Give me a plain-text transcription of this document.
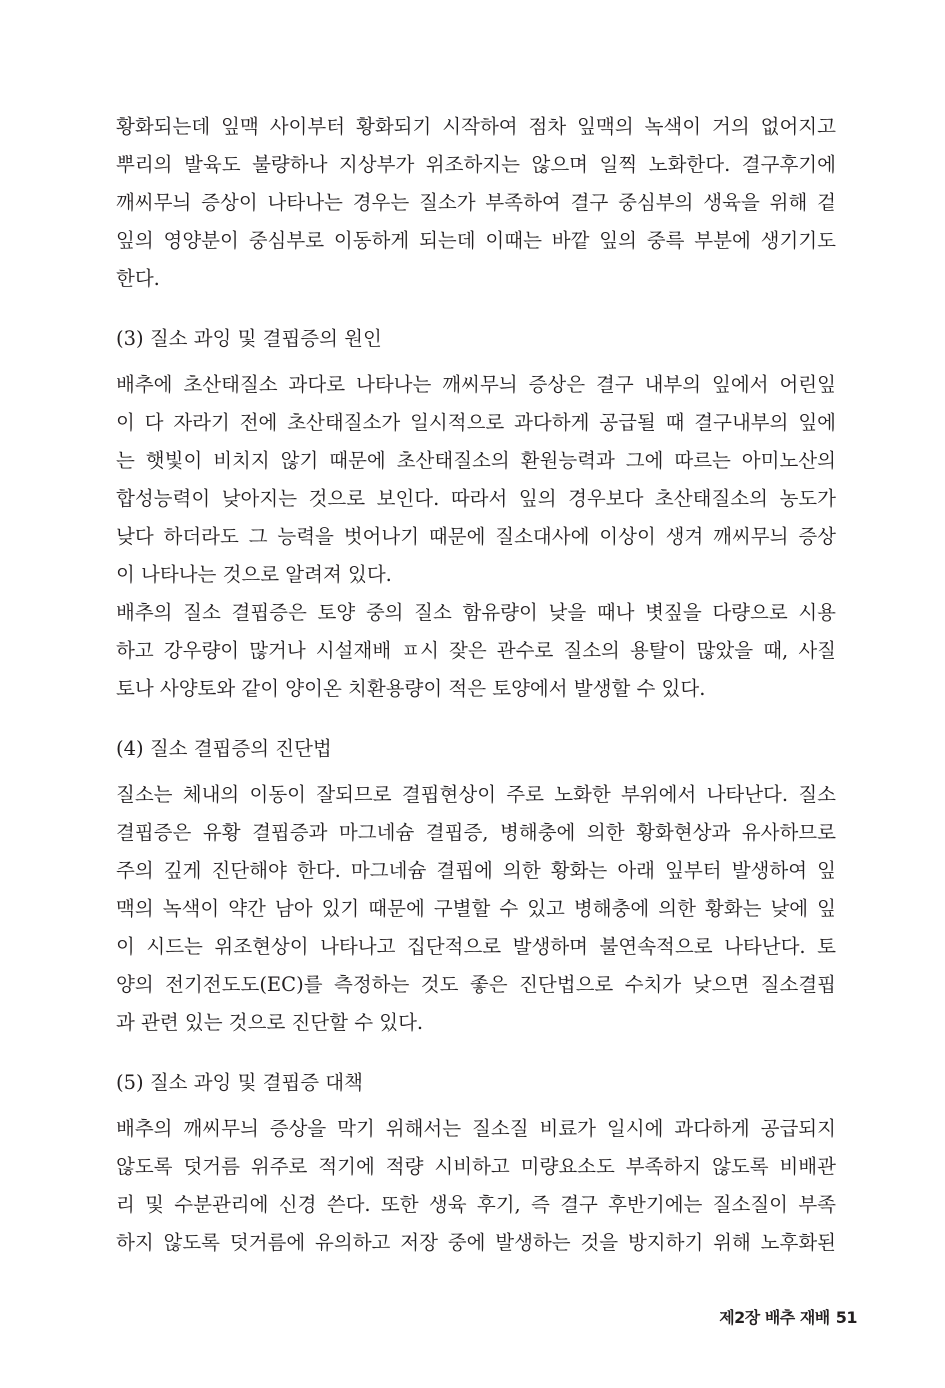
황화되는데 잎맥 사이부터 황화되기 시작하여 점차 잎맥의 녹색이 거의 없어지고
뿌리의 발육도 불량하나 지상부가 위조하지는 않으며 일찍 노화한다. 결구후기에
깨씨무늬 증상이 나타나는 경우는 질소가 부족하여 결구 중심부의 생육을 위해 겉
잎의 영양분이 중심부로 이동하게 되는데 이때는 바깥 잎의 중륵 부분에 생기기도
한다.
(3) 질소 과잉 및 결핍증의 원인
배추에 초산태질소 과다로 나타나는 깨씨무늬 증상은 결구 내부의 잎에서 어린잎
이 다 자라기 전에 초산태질소가 일시적으로 과다하게 공급될 때 결구내부의 잎에
는 햇빛이 비치지 않기 때문에 초산태질소의 환원능력과 그에 따르는 아미노산의
합성능력이 낮아지는 것으로 보인다. 따라서 잎의 경우보다 초산태질소의 농도가
낮다 하더라도 그 능력을 벗어나기 때문에 질소대사에 이상이 생겨 깨씨무늬 증상
이 나타나는 것으로 알려져 있다.
배추의 질소 결핍증은 토양 중의 질소 함유량이 낮을 때나 볏짚을 다량으로 시용
하고 강우량이 많거나 시설재배 ㅍ시 잦은 관수로 질소의 용탈이 많았을 때, 사질
토나 사양토와 같이 양이온 치환용량이 적은 토양에서 발생할 수 있다.
(4) 질소 결핍증의 진단법
질소는 체내의 이동이 잘되므로 결핍현상이 주로 노화한 부위에서 나타난다. 질소
결핍증은 유황 결핍증과 마그네슘 결핍증, 병해충에 의한 황화현상과 유사하므로
주의 깊게 진단해야 한다. 마그네슘 결핍에 의한 황화는 아래 잎부터 발생하여 잎
맥의 녹색이 약간 남아 있기 때문에 구별할 수 있고 병해충에 의한 황화는 낮에 잎
이 시드는 위조현상이 나타나고 집단적으로 발생하며 불연속적으로 나타난다. 토
양의 전기전도도(EC)를 측정하는 것도 좋은 진단법으로 수치가 낮으면 질소결핍
과 관련 있는 것으로 진단할 수 있다.
(5) 질소 과잉 및 결핍증 대책
배추의 깨씨무늬 증상을 막기 위해서는 질소질 비료가 일시에 과다하게 공급되지
않도록 덧거름 위주로 적기에 적량 시비하고 미량요소도 부족하지 않도록 비배관
리 및 수분관리에 신경 쓴다. 또한 생육 후기, 즉 결구 후반기에는 질소질이 부족
하지 않도록 덧거름에 유의하고 저장 중에 발생하는 것을 방지하기 위해 노후화된
제2장 배추 재배 51
